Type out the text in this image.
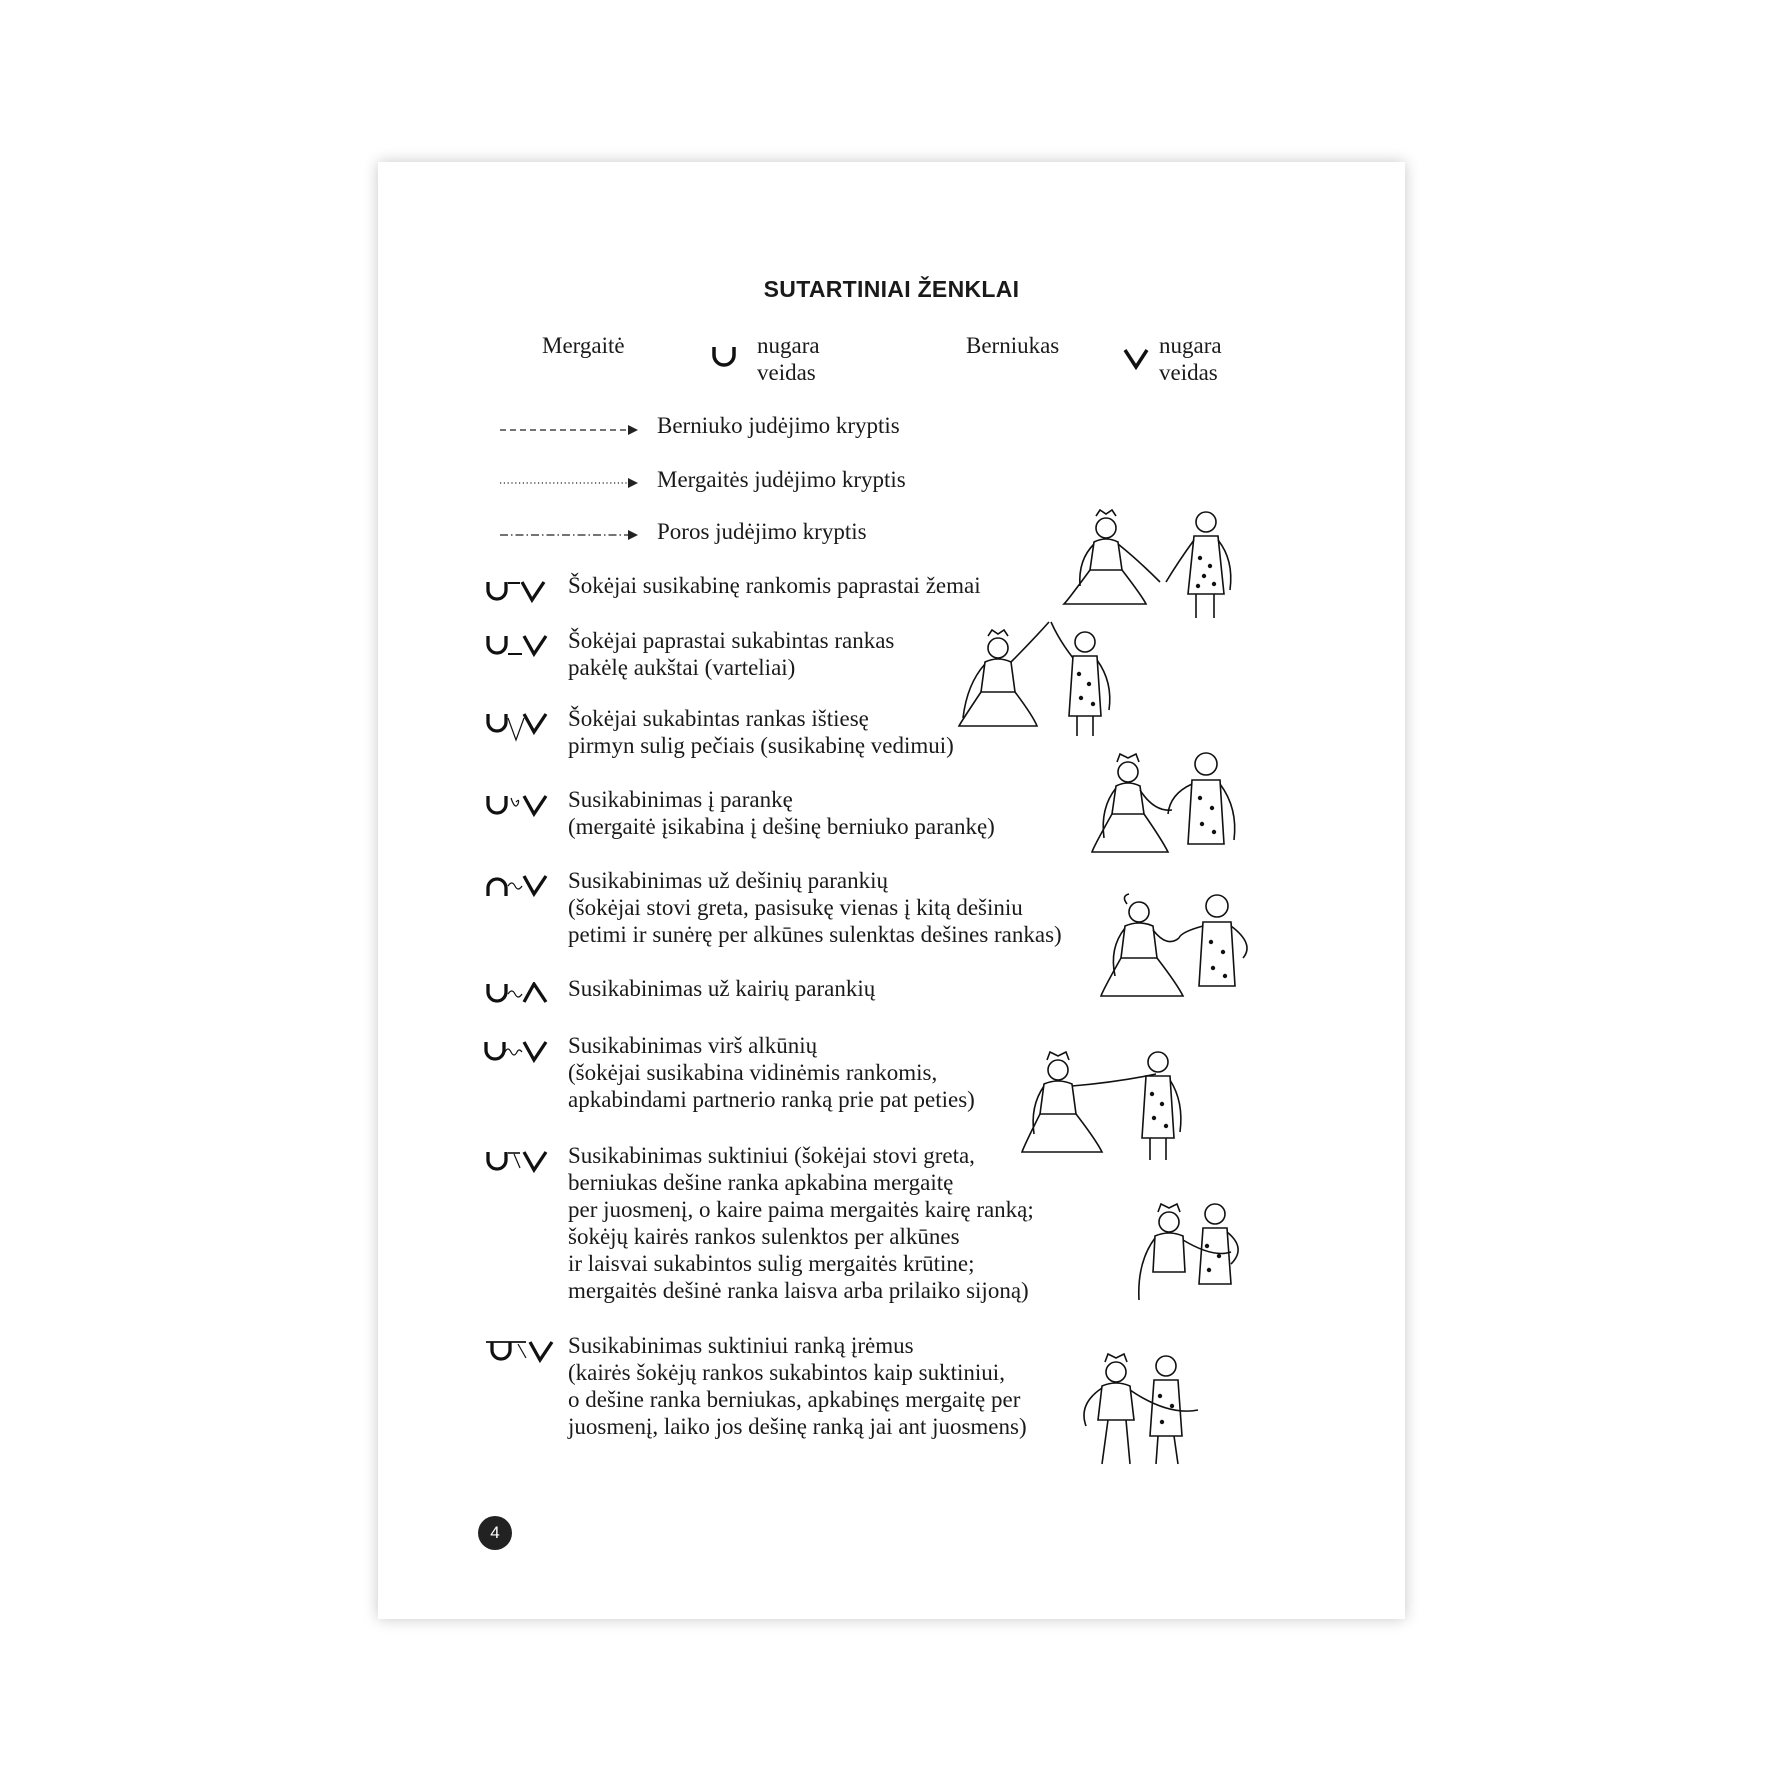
SUTARTINIAI ŽENKLAI
Mergaitė	nugara
veidas
Berniukas	nugara
veidas
Berniuko judėjimo kryptis
Mergaitės judėjimo kryptis
Poros judėjimo kryptis
Šokėjai susikabinę rankomis paprastai žemai
Šokėjai paprastai sukabintas rankas
pakėlę aukštai (varteliai)
Šokėjai sukabintas rankas ištiesę
pirmyn sulig pečiais (susikabinę vedimui)
Susikabinimas į parankę
(mergaitė įsikabina į dešinę berniuko parankę)
Susikabinimas už dešinių parankių
(šokėjai stovi greta, pasisukę vienas į kitą dešiniu
petimi ir sunėrę per alkūnes sulenktas dešines rankas)
Susikabinimas už kairių parankių
Susikabinimas virš alkūnių
(šokėjai susikabina vidinėmis rankomis,
apkabindami partnerio ranką prie pat peties)
Susikabinimas suktiniui (šokėjai stovi greta,
berniukas dešine ranka apkabina mergaitę
per juosmenį, o kaire paima mergaitės kairę ranką;
šokėjų kairės rankos sulenktos per alkūnes
ir laisvai sukabintos sulig mergaitės krūtine;
mergaitės dešinė ranka laisva arba prilaiko sijoną)
Susikabinimas suktiniui ranką įrėmus
(kairės šokėjų rankos sukabintos kaip suktiniui,
o dešine ranka berniukas, apkabinęs mergaitę per
juosmenį, laiko jos dešinę ranką jai ant juosmens)
4
